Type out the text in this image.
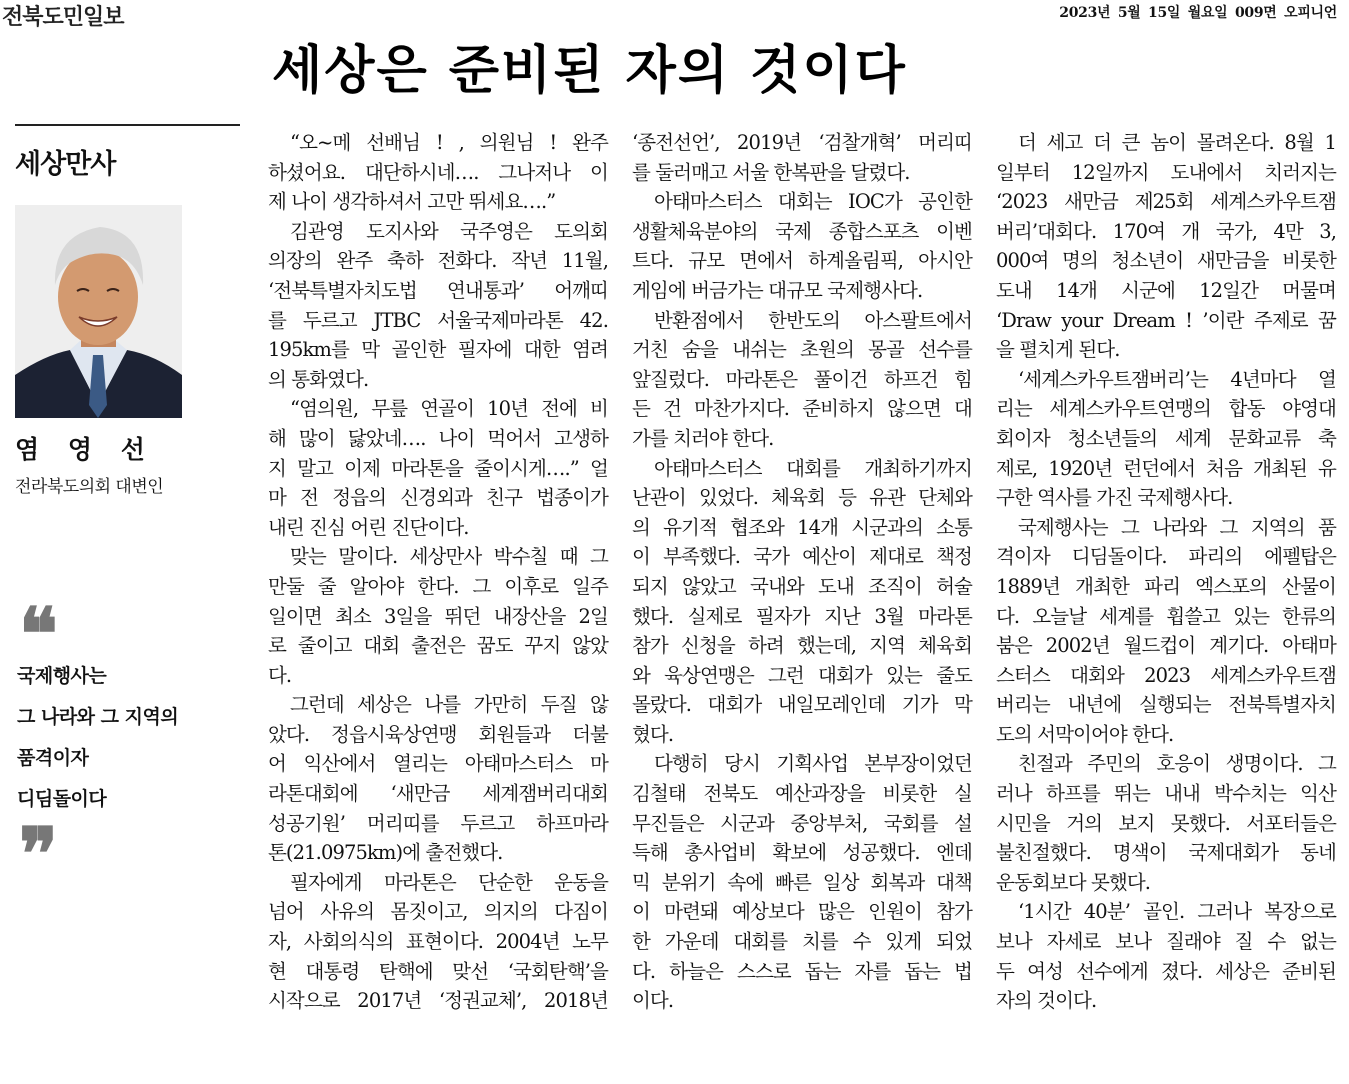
전북도민일보	2023년 5월 15일 월요일 009면 오피니언
세상은 준비된 자의 것이다
세상만사
염 영 선
전라북도의회 대변인
❝
국제행사는
그 나라와 그 지역의
품격이자
디딤돌이다
❞
“오~메 선배님 ! , 의원님 ! 완주
하셨어요. 대단하시네…. 그나저나 이
제 나이 생각하셔서 고만 뛰세요….”
김관영 도지사와 국주영은 도의회
의장의 완주 축하 전화다. 작년 11월,
‘전북특별자치도법 연내통과’ 어깨띠
를 두르고 JTBC 서울국제마라톤 42.
195km를 막 골인한 필자에 대한 염려
의 통화였다.
“염의원, 무릎 연골이 10년 전에 비
해 많이 닳았네…. 나이 먹어서 고생하
지 말고 이제 마라톤을 줄이시게….” 얼
마 전 정읍의 신경외과 친구 법종이가
내린 진심 어린 진단이다.
맞는 말이다. 세상만사 박수칠 때 그
만둘 줄 알아야 한다. 그 이후로 일주
일이면 최소 3일을 뛰던 내장산을 2일
로 줄이고 대회 출전은 꿈도 꾸지 않았
다.
그런데 세상은 나를 가만히 두질 않
았다. 정읍시육상연맹 회원들과 더불
어 익산에서 열리는 아태마스터스 마
라톤대회에 ‘새만금 세계잼버리대회
성공기원’ 머리띠를 두르고 하프마라
톤(21.0975km)에 출전했다.
필자에게 마라톤은 단순한 운동을
넘어 사유의 몸짓이고, 의지의 다짐이
자, 사회의식의 표현이다. 2004년 노무
현 대통령 탄핵에 맞선 ‘국회탄핵’을
시작으로 2017년 ‘정권교체’, 2018년
‘종전선언’, 2019년 ‘검찰개혁’ 머리띠
를 둘러매고 서울 한복판을 달렸다.
아태마스터스 대회는 IOC가 공인한
생활체육분야의 국제 종합스포츠 이벤
트다. 규모 면에서 하계올림픽, 아시안
게임에 버금가는 대규모 국제행사다.
반환점에서 한반도의 아스팔트에서
거친 숨을 내쉬는 초원의 몽골 선수를
앞질렀다. 마라톤은 풀이건 하프건 힘
든 건 마찬가지다. 준비하지 않으면 대
가를 치러야 한다.
아태마스터스 대회를 개최하기까지
난관이 있었다. 체육회 등 유관 단체와
의 유기적 협조와 14개 시군과의 소통
이 부족했다. 국가 예산이 제대로 책정
되지 않았고 국내와 도내 조직이 허술
했다. 실제로 필자가 지난 3월 마라톤
참가 신청을 하려 했는데, 지역 체육회
와 육상연맹은 그런 대회가 있는 줄도
몰랐다. 대회가 내일모레인데 기가 막
혔다.
다행히 당시 기획사업 본부장이었던
김철태 전북도 예산과장을 비롯한 실
무진들은 시군과 중앙부처, 국회를 설
득해 총사업비 확보에 성공했다. 엔데
믹 분위기 속에 빠른 일상 회복과 대책
이 마련돼 예상보다 많은 인원이 참가
한 가운데 대회를 치를 수 있게 되었
다. 하늘은 스스로 돕는 자를 돕는 법
이다.
더 세고 더 큰 놈이 몰려온다. 8월 1
일부터 12일까지 도내에서 치러지는
‘2023 새만금 제25회 세계스카우트잼
버리’대회다. 170여 개 국가, 4만 3,
000여 명의 청소년이 새만금을 비롯한
도내 14개 시군에 12일간 머물며
‘Draw your Dream ! ’이란 주제로 꿈
을 펼치게 된다.
‘세계스카우트잼버리’는 4년마다 열
리는 세계스카우트연맹의 합동 야영대
회이자 청소년들의 세계 문화교류 축
제로, 1920년 런던에서 처음 개최된 유
구한 역사를 가진 국제행사다.
국제행사는 그 나라와 그 지역의 품
격이자 디딤돌이다. 파리의 에펠탑은
1889년 개최한 파리 엑스포의 산물이
다. 오늘날 세계를 휩쓸고 있는 한류의
붐은 2002년 월드컵이 계기다. 아태마
스터스 대회와 2023 세계스카우트잼
버리는 내년에 실행되는 전북특별자치
도의 서막이어야 한다.
친절과 주민의 호응이 생명이다. 그
러나 하프를 뛰는 내내 박수치는 익산
시민을 거의 보지 못했다. 서포터들은
불친절했다. 명색이 국제대회가 동네
운동회보다 못했다.
‘1시간 40분’ 골인. 그러나 복장으로
보나 자세로 보나 질래야 질 수 없는
두 여성 선수에게 졌다. 세상은 준비된
자의 것이다.
